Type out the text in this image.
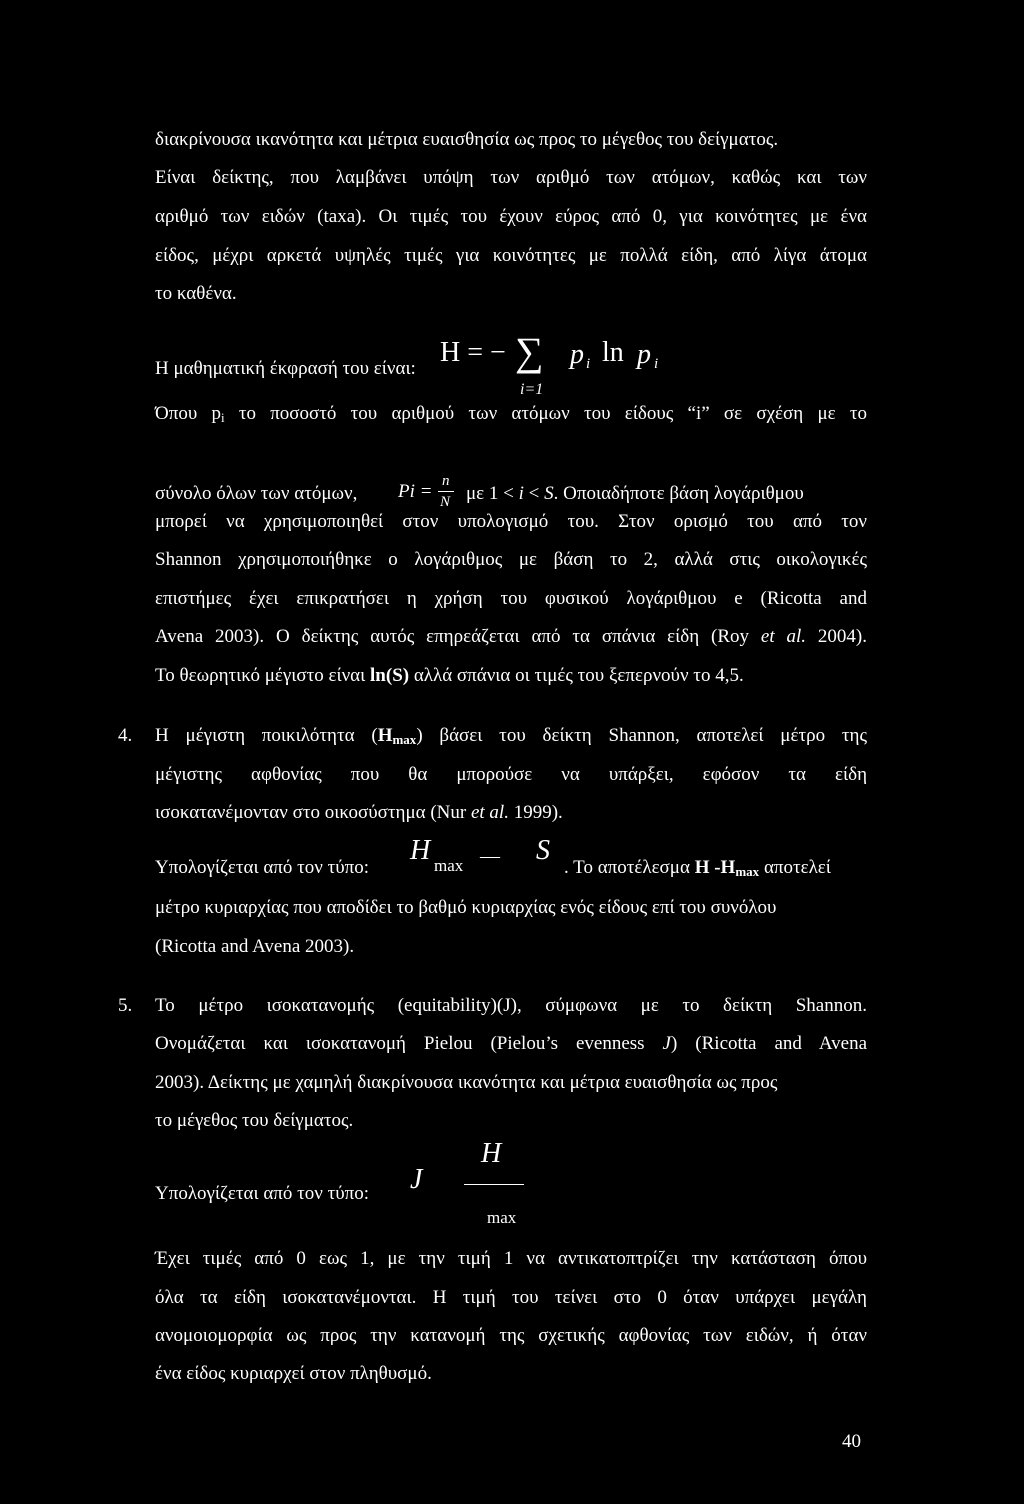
διακρίνουσα ικανότητα και μέτρια ευαισθησία ως προς το μέγεθος του δείγματος.
Είναι δείκτης, που λαμβάνει υπόψη των αριθμό των ατόμων, καθώς και των
αριθμό των ειδών (taxa). Οι τιμές του έχουν εύρος από 0, για κοινότητες με ένα
είδος, μέχρι αρκετά υψηλές τιμές για κοινότητες με πολλά είδη, από λίγα άτομα
το καθένα.
Η μαθηματική έκφρασή του είναι:
H = − ∑ p i ln p i
i=1
Όπου $p_i$ το ποσοστό του αριθμού των ατόμων του είδους “i” σε σχέση με το
σύνολο όλων των ατόμων, Pi = n
N με 1 < i < S. Οποιαδήποτε βάση λογάριθμου
μπορεί να χρησιμοποιηθεί στον υπολογισμό του. Στον ορισμό του από τον
Shannon χρησιμοποιήθηκε ο λογάριθμος με βάση το 2, αλλά στις οικολογικές
επιστήμες έχει επικρατήσει η χρήση του φυσικού λογάριθμου e (Ricotta and
Avena 2003). Ο δείκτης αυτός επηρεάζεται από τα σπάνια είδη (Roy et al. 2004).
Το θεωρητικό μέγιστο είναι ln(S) αλλά σπάνια οι τιμές του ξεπερνούν το 4,5.
4. Η μέγιστη ποικιλότητα $(H_{max})$ βάσει του δείκτη Shannon, αποτελεί μέτρο της
μέγιστης αφθονίας που θα μπορούσε να υπάρξει, εφόσον τα είδη
ισοκατανέμονταν στο οικοσύστημα (Nur et al. 1999).
Υπολογίζεται από τον τύπο:
H max — S
. Το αποτέλεσμα H $-H_{max}$ αποτελεί
μέτρο κυριαρχίας που αποδίδει το βαθμό κυριαρχίας ενός είδους επί του συνόλου
(Ricotta and Avena 2003).
5. Το μέτρο ισοκατανομής (equitability)(J), σύμφωνα με το δείκτη Shannon.
Ονομάζεται και ισοκατανομή Pielou (Pielou’s evenness J) (Ricotta and Avena
2003). Δείκτης με χαμηλή διακρίνουσα ικανότητα και μέτρια ευαισθησία ως προς
το μέγεθος του δείγματος.
Υπολογίζεται από τον τύπο: J
H
max
Έχει τιμές από 0 εως 1, με την τιμή 1 να αντικατοπτρίζει την κατάσταση όπου
όλα τα είδη ισοκατανέμονται. Η τιμή του τείνει στο 0 όταν υπάρχει μεγάλη
ανομοιομορφία ως προς την κατανομή της σχετικής αφθονίας των ειδών, ή όταν
ένα είδος κυριαρχεί στον πληθυσμό.
40
